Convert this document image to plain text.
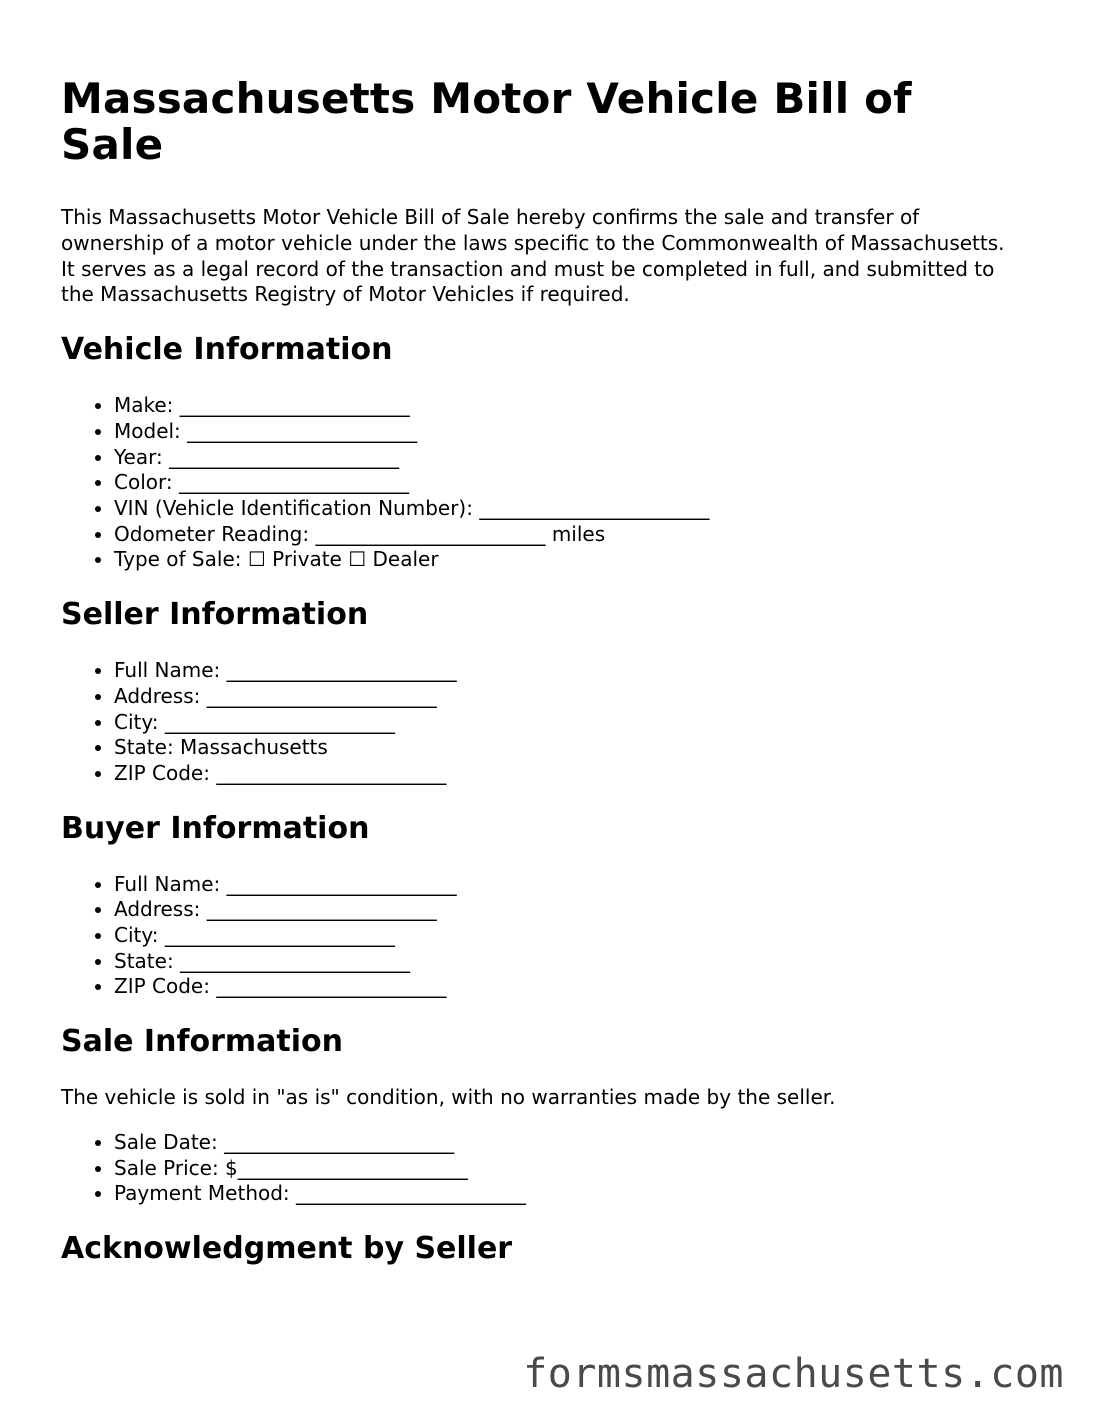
Massachusetts Motor Vehicle Bill of Sale

This Massachusetts Motor Vehicle Bill of Sale hereby confirms the sale and transfer of ownership of a motor vehicle under the laws specific to the Commonwealth of Massachusetts. It serves as a legal record of the transaction and must be completed in full, and submitted to the Massachusetts Registry of Motor Vehicles if required.

Vehicle Information
• Make: _______________________
• Model: _______________________
• Year: _______________________
• Color: _______________________
• VIN (Vehicle Identification Number): _______________________
• Odometer Reading: _______________________ miles
• Type of Sale: ☐ Private ☐ Dealer
Seller Information
• Full Name: _______________________
• Address: _______________________
• City: _______________________
• State: Massachusetts
• ZIP Code: _______________________
Buyer Information
• Full Name: _______________________
• Address: _______________________
• City: _______________________
• State: _______________________
• ZIP Code: _______________________
Sale Information

The vehicle is sold in "as is" condition, with no warranties made by the seller.

• Sale Date: _______________________
• Sale Price: $_______________________
• Payment Method: _______________________
Acknowledgment by Seller
formsmassachusetts.com
